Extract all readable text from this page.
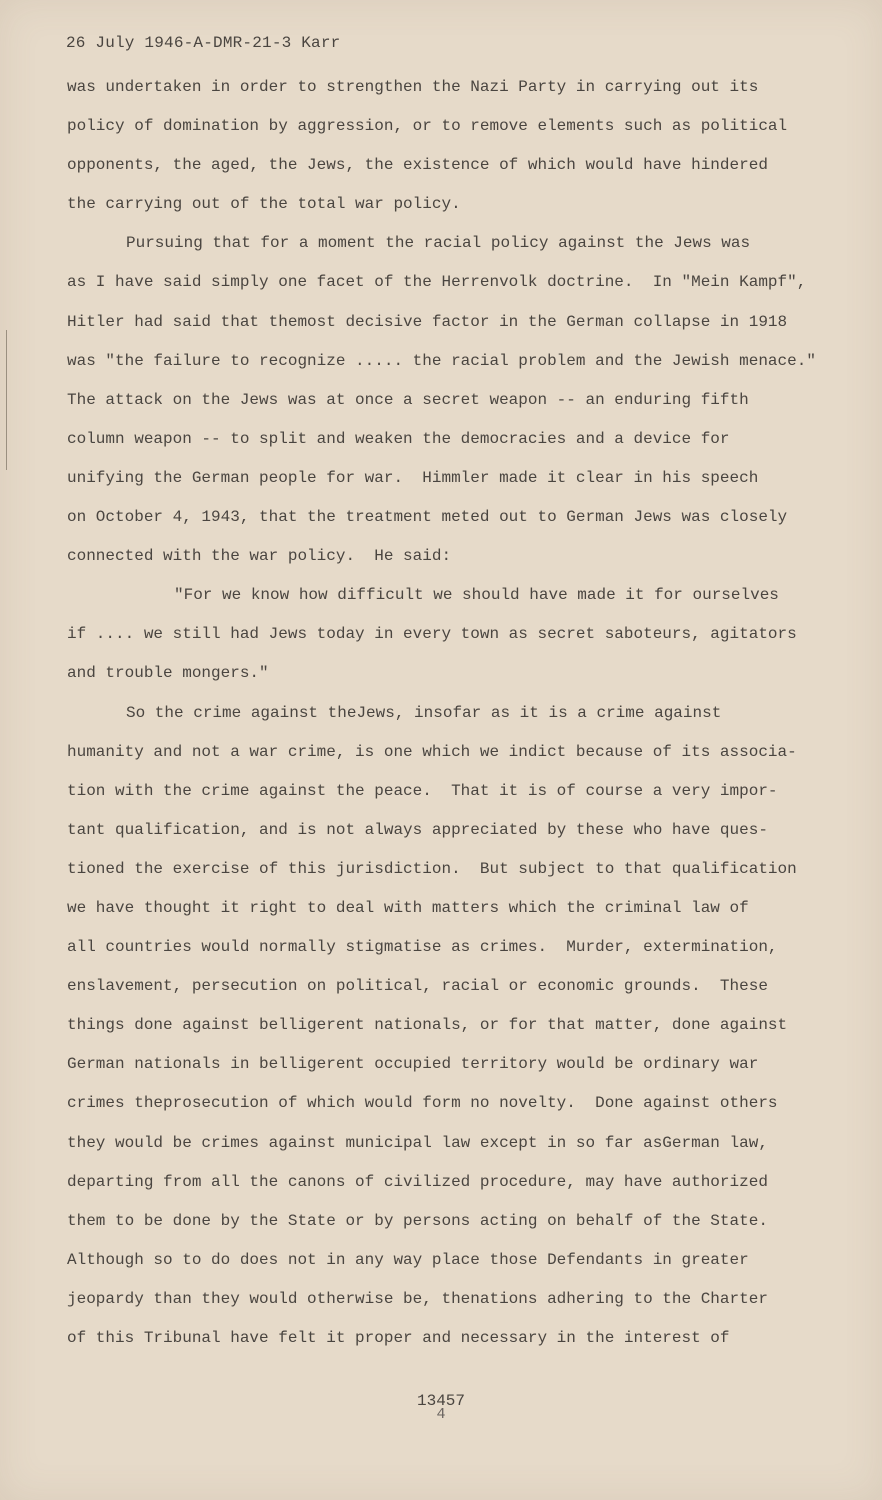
26 July 1946-A-DMR-21-3 Karr
was undertaken in order to strengthen the Nazi Party in carrying out its
policy of domination by aggression, or to remove elements such as political
opponents, the aged, the Jews, the existence of which would have hindered
the carrying out of the total war policy.
Pursuing that for a moment the racial policy against the Jews was
as I have said simply one facet of the Herrenvolk doctrine.  In "Mein Kampf",
Hitler had said that themost decisive factor in the German collapse in 1918
was "the failure to recognize ..... the racial problem and the Jewish menace."
The attack on the Jews was at once a secret weapon -- an enduring fifth
column weapon -- to split and weaken the democracies and a device for
unifying the German people for war.  Himmler made it clear in his speech
on October 4, 1943, that the treatment meted out to German Jews was closely
connected with the war policy.  He said:
"For we know how difficult we should have made it for ourselves
if .... we still had Jews today in every town as secret saboteurs, agitators
and trouble mongers."
So the crime against theJews, insofar as it is a crime against
humanity and not a war crime, is one which we indict because of its associa-
tion with the crime against the peace.  That it is of course a very impor-
tant qualification, and is not always appreciated by these who have ques-
tioned the exercise of this jurisdiction.  But subject to that qualification
we have thought it right to deal with matters which the criminal law of
all countries would normally stigmatise as crimes.  Murder, extermination,
enslavement, persecution on political, racial or economic grounds.  These
things done against belligerent nationals, or for that matter, done against
German nationals in belligerent occupied territory would be ordinary war
crimes theprosecution of which would form no novelty.  Done against others
they would be crimes against municipal law except in so far asGerman law,
departing from all the canons of civilized procedure, may have authorized
them to be done by the State or by persons acting on behalf of the State.
Although so to do does not in any way place those Defendants in greater
jeopardy than they would otherwise be, thenations adhering to the Charter
of this Tribunal have felt it proper and necessary in the interest of
13457
4
